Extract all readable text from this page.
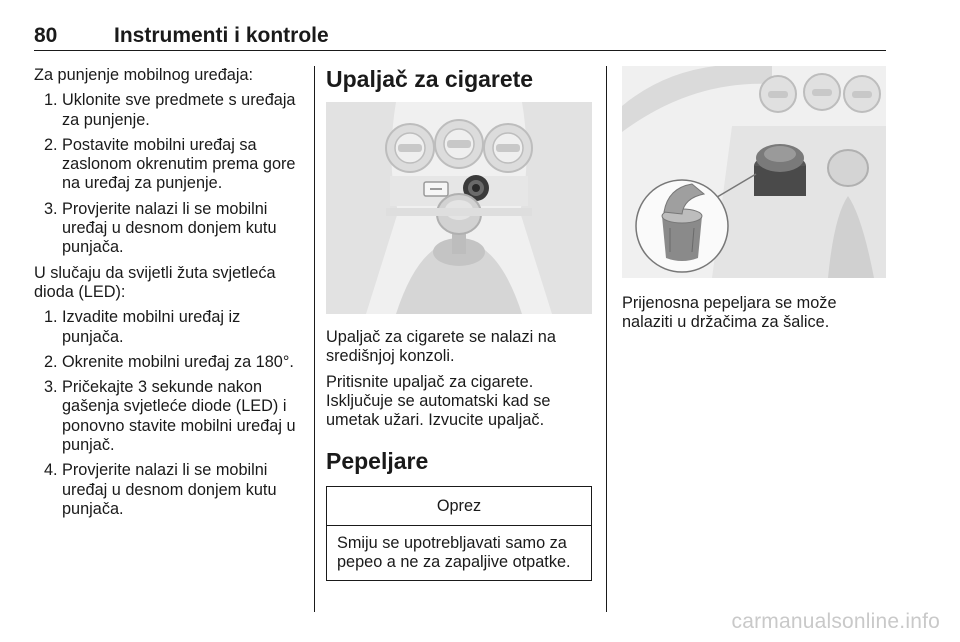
80	Instrumenti i kontrole

Za punjenje mobilnog uređaja:

1. Uklonite sve predmete s uređaja za punjenje.
2. Postavite mobilni uređaj sa zaslonom okrenutim prema gore na uređaj za punjenje.
3. Provjerite nalazi li se mobilni uređaj u desnom donjem kutu punjača.

U slučaju da svijetli žuta svjetleća dioda (LED):

1. Izvadite mobilni uređaj iz punjača.
2. Okrenite mobilni uređaj za 180°.
3. Pričekajte 3 sekunde nakon gašenja svjetleće diode (LED) i ponovno stavite mobilni uređaj u punjač.
4. Provjerite nalazi li se mobilni uređaj u desnom donjem kutu punjača.
Upaljač za cigarete

Upaljač za cigarete se nalazi na središnjoj konzoli.

Pritisnite upaljač za cigarete. Isključuje se automatski kad se umetak užari. Izvucite upaljač.

Pepeljare
Oprez
Smiju se upotrebljavati samo za pepeo a ne za zapaljive otpatke.

Prijenosna pepeljara se može nalaziti u držačima za šalice.

carmanualsonline.info
